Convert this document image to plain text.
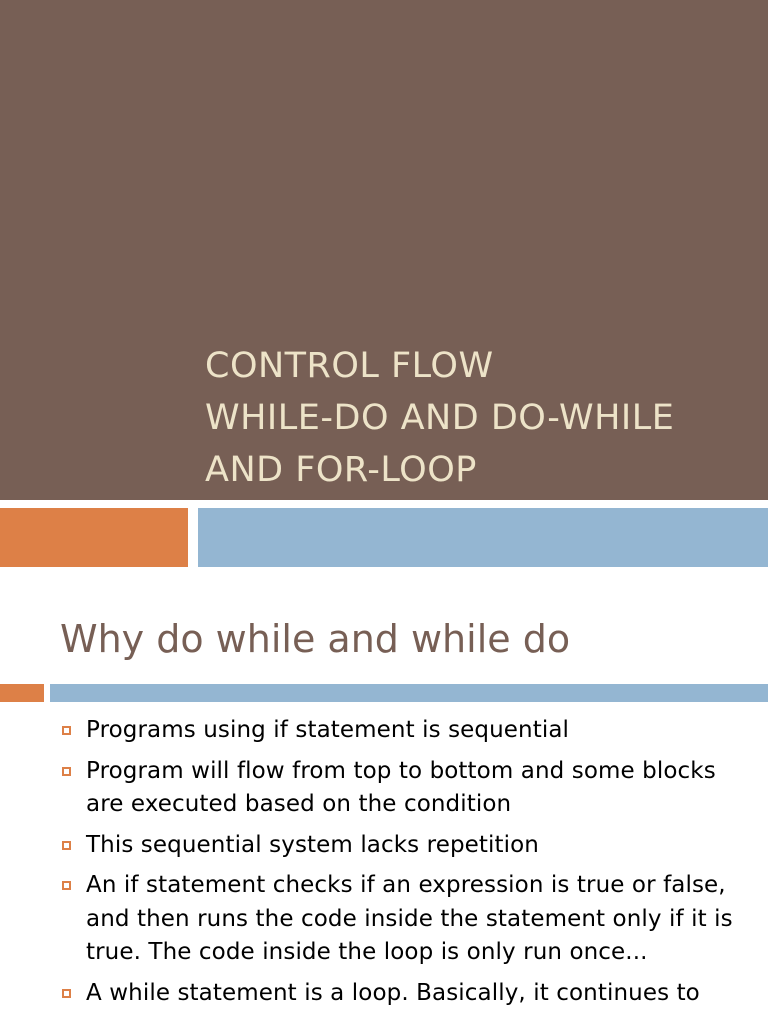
CONTROL FLOW
WHILE-DO AND DO-WHILE
AND FOR-LOOP
Why do while and while do
Programs using if statement is sequential
Program will flow from top to bottom and some blocks are executed based on the condition
This sequential system lacks repetition
An if statement checks if an expression is true or false, and then runs the code inside the statement only if it is true. The code inside the loop is only run once...
A while statement is a loop. Basically, it continues to
